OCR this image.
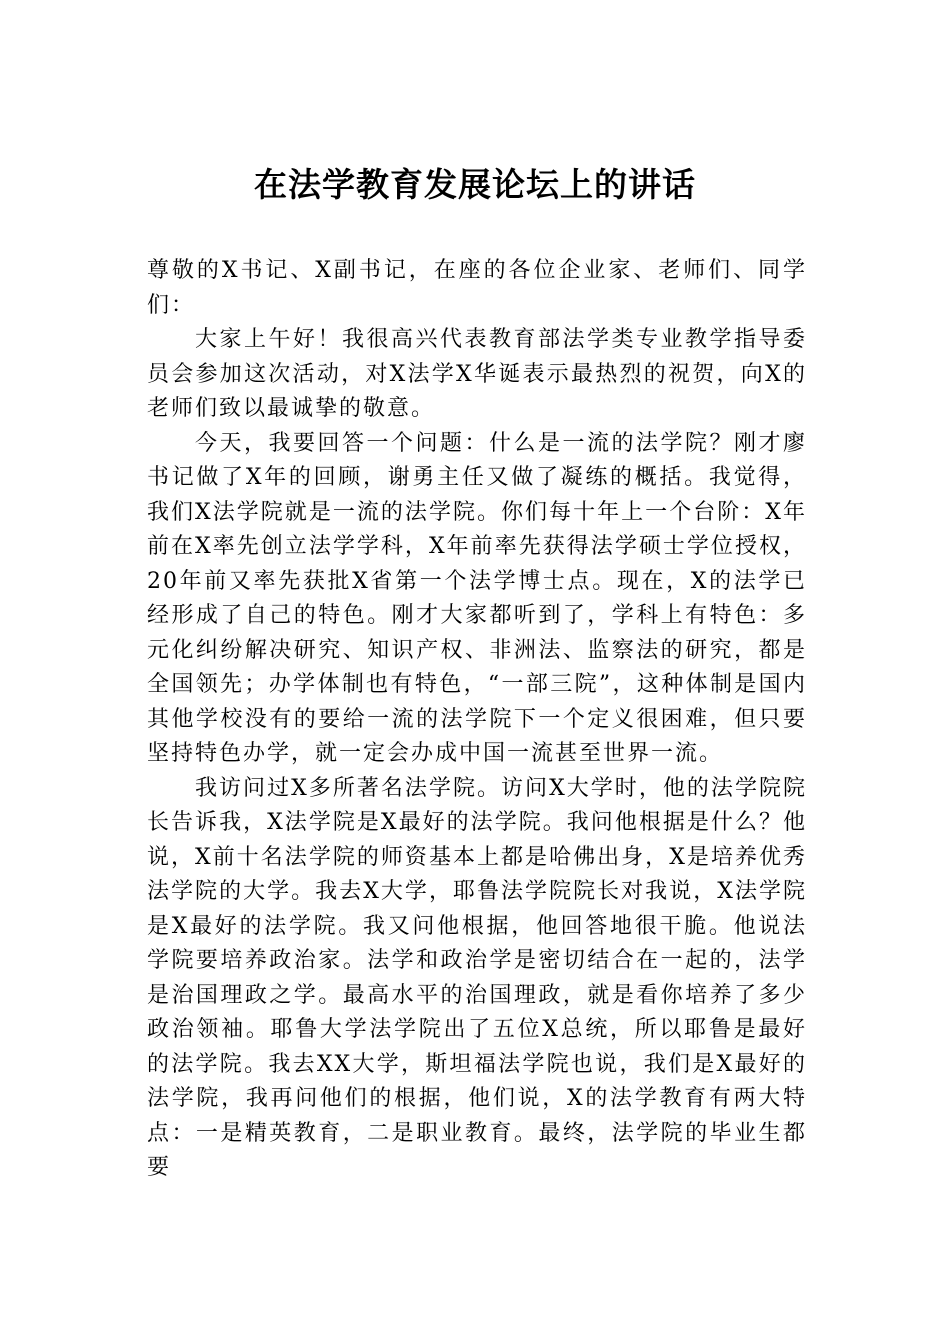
在法学教育发展论坛上的讲话

尊敬的X书记、X副书记，在座的各位企业家、老师们、同学们：

大家上午好！我很高兴代表教育部法学类专业教学指导委员会参加这次活动，对X法学X华诞表示最热烈的祝贺，向X的老师们致以最诚挚的敬意。

今天，我要回答一个问题：什么是一流的法学院？刚才廖书记做了X年的回顾，谢勇主任又做了凝练的概括。我觉得，我们X法学院就是一流的法学院。你们每十年上一个台阶：X年前在X率先创立法学学科，X年前率先获得法学硕士学位授权，20年前又率先获批X省第一个法学博士点。现在，X的法学已经形成了自己的特色。刚才大家都听到了，学科上有特色：多元化纠纷解决研究、知识产权、非洲法、监察法的研究，都是全国领先；办学体制也有特色，“一部三院”，这种体制是国内其他学校没有的要给一流的法学院下一个定义很困难，但只要坚持特色办学，就一定会办成中国一流甚至世界一流。

我访问过X多所著名法学院。访问X大学时，他的法学院院长告诉我，X法学院是X最好的法学院。我问他根据是什么？他说，X前十名法学院的师资基本上都是哈佛出身，X是培养优秀法学院的大学。我去X大学，耶鲁法学院院长对我说，X法学院是X最好的法学院。我又问他根据，他回答地很干脆。他说法学院要培养政治家。法学和政治学是密切结合在一起的，法学是治国理政之学。最高水平的治国理政，就是看你培养了多少政治领袖。耶鲁大学法学院出了五位X总统，所以耶鲁是最好的法学院。我去XX大学，斯坦福法学院也说，我们是X最好的法学院，我再问他们的根据，他们说，X的法学教育有两大特点：一是精英教育，二是职业教育。最终，法学院的毕业生都要
